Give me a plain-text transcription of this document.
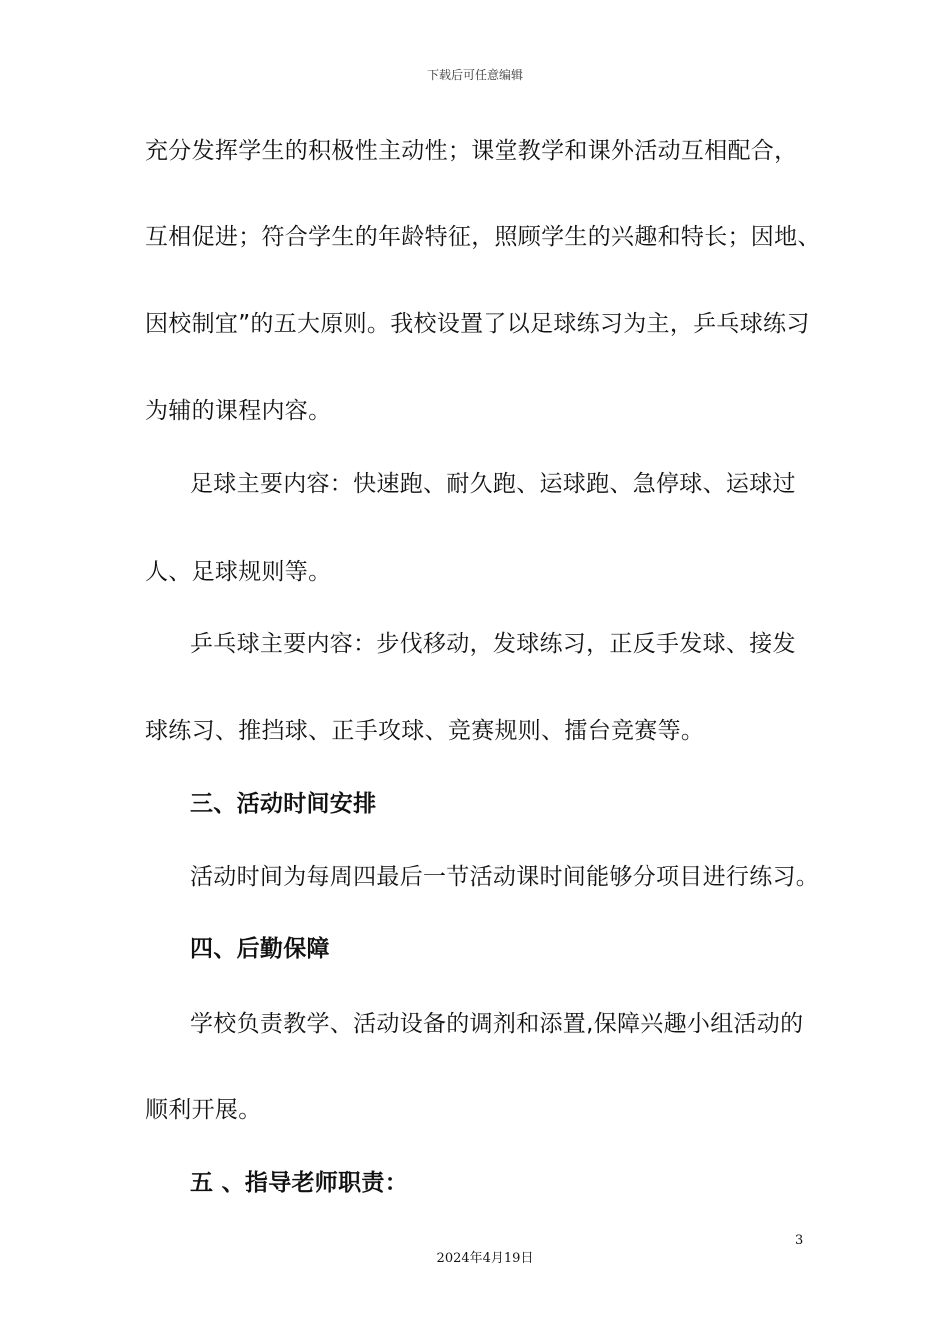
下载后可任意编辑
充分发挥学生的积极性主动性；课堂教学和课外活动互相配合，
互相促进；符合学生的年龄特征，照顾学生的兴趣和特长；因地、
因校制宜”的五大原则。我校设置了以足球练习为主，乒乓球练习
为辅的课程内容。
足球主要内容：快速跑、耐久跑、运球跑、急停球、运球过
人、足球规则等。
乒乓球主要内容：步伐移动，发球练习，正反手发球、接发
球练习、推挡球、正手攻球、竞赛规则、擂台竞赛等。
三、活动时间安排
活动时间为每周四最后一节活动课时间能够分项目进行练习。
四、后勤保障
学校负责教学、活动设备的调剂和添置,保障兴趣小组活动的
顺利开展。
五 、指导老师职责：
3
2024年4月19日
